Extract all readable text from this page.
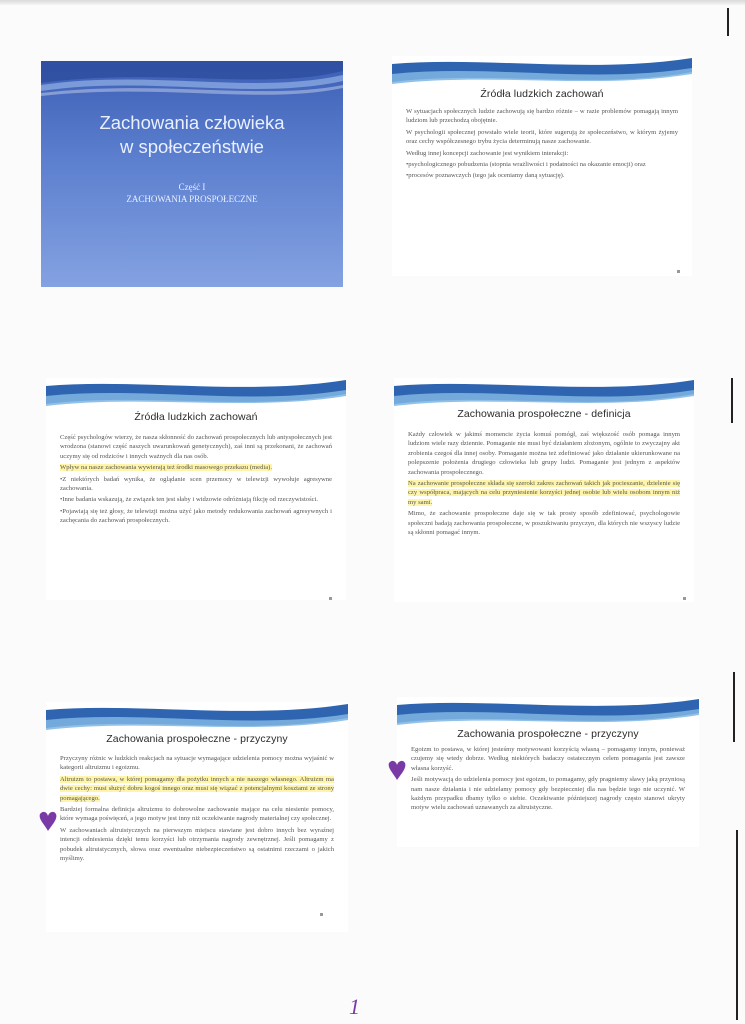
Zachowania człowieka
w społeczeństwie
Część I
ZACHOWANIA PROSPOŁECZNE
Źródła ludzkich zachowań

W sytuacjach społecznych ludzie zachowują się bardzo różnie – w razie problemów pomagają innym ludziom lub przechodzą obojętnie.

W psychologii społecznej powstało wiele teorii, które sugerują że społeczeństwo, w którym żyjemy oraz cechy współczesnego trybu życia determinują nasze zachowanie.

Według innej koncepcji zachowanie jest wynikiem interakcji:

•psychologicznego pobudzenia (stopnia wrażliwości i podatności na okazanie emocji) oraz

•procesów poznawczych (tego jak oceniamy daną sytuację).

Źródła ludzkich zachowań

Część psychologów wierzy, że nasza skłonność do zachowań prospołecznych lub antyspołecznych jest wrodzona (stanowi część naszych uwarunkowań genetycznych), zaś inni są przekonani, że zachowań uczymy się od rodziców i innych ważnych dla nas osób.

Wpływ na nasze zachowania wywierają też środki masowego przekazu (media).

•Z niektórych badań wynika, że oglądanie scen przemocy w telewizji wywołuje agresywne zachowania.

•Inne badania wskazują, że związek ten jest słaby i widzowie odróżniają fikcję od rzeczywistości.

•Pojawiają się też głosy, że telewizji można użyć jako metody redukowania zachowań agresywnych i zachęcania do zachowań prospołecznych.

Zachowania prospołeczne - definicja

Każdy człowiek w jakimś momencie życia komuś pomógł, zaś większość osób pomaga innym ludziom wiele razy dziennie. Pomaganie nie musi być działaniem złożonym, ogólnie to zwyczajny akt zrobienia czegoś dla innej osoby. Pomaganie można też zdefiniować jako działanie ukierunkowane na polepszenie położenia drugiego człowieka lub grupy ludzi. Pomaganie jest jednym z aspektów zachowania prospołecznego.

Na zachowanie prospołeczne składa się szeroki zakres zachowań takich jak pocieszanie, dzielenie się czy współpraca, mających na celu przyniesienie korzyści jednej osobie lub wielu osobom innym niż my sami.

Mimo, że zachowanie prospołeczne daje się w tak prosty sposób zdefiniować, psychologowie społeczni badają zachowania prospołeczne, w poszukiwaniu przyczyn, dla których nie wszyscy ludzie są skłonni pomagać innym.

Zachowania prospołeczne - przyczyny

Przyczyny różnic w ludzkich reakcjach na sytuacje wymagające udzielenia pomocy można wyjaśnić w kategorii altruizmu i egoizmu.

Altruizm to postawa, w której pomagamy dla pożytku innych a nie naszego własnego. Altruizm ma dwie cechy: musi służyć dobru kogoś innego oraz musi się wiązać z potencjalnymi kosztami ze strony pomagającego.

Bardziej formalna definicja altruizmu to dobrowolne zachowanie mające na celu niesienie pomocy, które wymaga poświęceń, a jego motyw jest inny niż oczekiwanie nagrody materialnej czy społecznej.

W zachowaniach altruistycznych na pierwszym miejscu stawiane jest dobro innych bez wyraźnej intencji odniesienia dzięki temu korzyści lub otrzymania nagrody zewnętrznej. Jeśli pomagamy z pobudek altruistycznych, słowa oraz ewentualne niebezpieczeństwo są ostatnimi rzeczami o jakich myślimy.

Zachowania prospołeczne - przyczyny

Egoizm to postawa, w której jesteśmy motywowani korzyścią własną – pomagamy innym, ponieważ czujemy się wtedy dobrze. Według niektórych badaczy ostatecznym celem pomagania jest zawsze własna korzyść.

Jeśli motywacją do udzielenia pomocy jest egoizm, to pomagamy, gdy pragniemy sławy jaką przyniosą nam nasze działania i nie udzielamy pomocy gdy bezpieczniej dla nas będzie tego nie uczynić. W każdym przypadku dbamy tylko o siebie. Oczekiwanie późniejszej nagrody często stanowi ukryty motyw wielu zachowań uznawanych za altruistyczne.

1
